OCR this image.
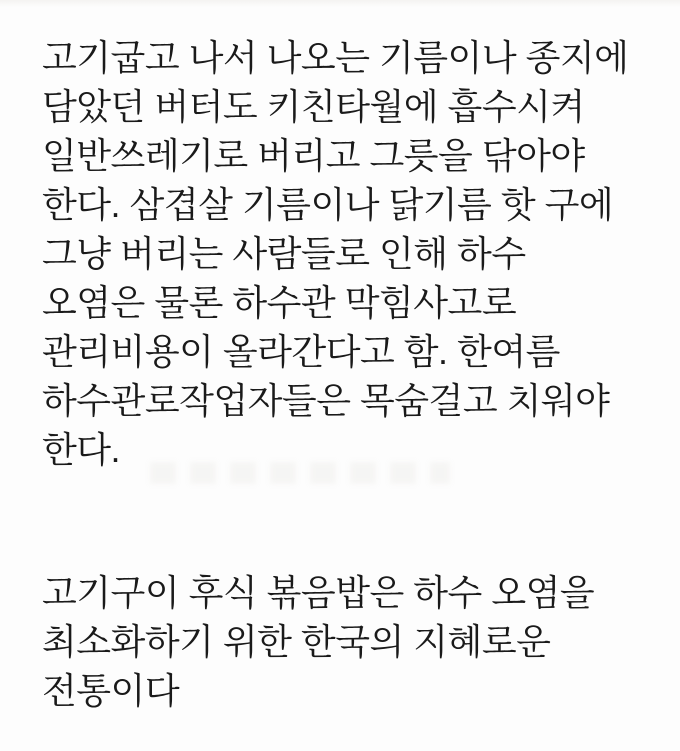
고기굽고 나서 나오는 기름이나 종지에
담았던 버터도 키친타월에 흡수시켜
일반쓰레기로 버리고 그릇을 닦아야
한다. 삼겹살 기름이나 닭기름 핫 구에
그냥 버리는 사람들로 인해 하수
오염은 물론 하수관 막힘사고로
관리비용이 올라간다고 함. 한여름
하수관로작업자들은 목숨걸고 치워야
한다.
고기구이 후식 볶음밥은 하수 오염을
최소화하기 위한 한국의 지혜로운
전통이다
